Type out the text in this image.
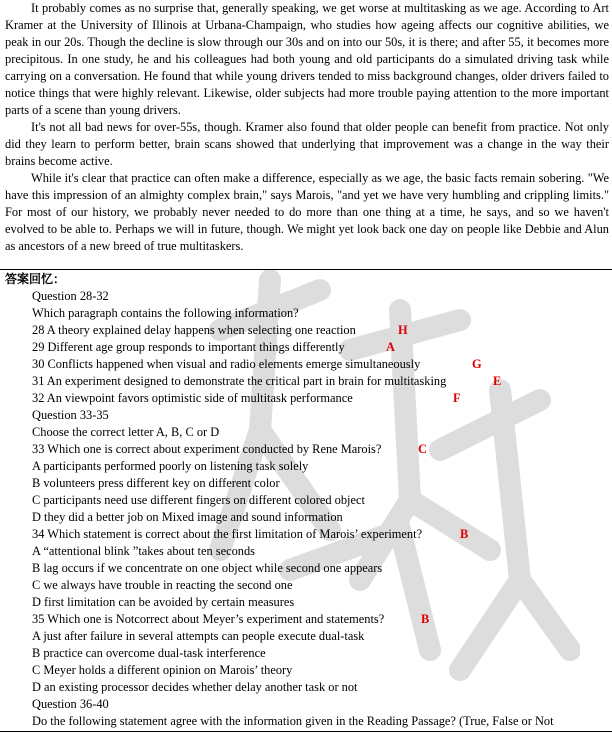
It probably comes as no surprise that, generally speaking, we get worse at multitasking as we age. According to Art Kramer at the University of Illinois at Urbana-Champaign, who studies how ageing affects our cognitive abilities, we peak in our 20s. Though the decline is slow through our 30s and on into our 50s, it is there; and after 55, it becomes more precipitous. In one study, he and his colleagues had both young and old participants do a simulated driving task while carrying on a conversation. He found that while young drivers tended to miss background changes, older drivers failed to notice things that were highly relevant. Likewise, older subjects had more trouble paying attention to the more important parts of a scene than young drivers.

It's not all bad news for over-55s, though. Kramer also found that older people can benefit from practice. Not only did they learn to perform better, brain scans showed that underlying that improvement was a change in the way their brains become active.

While it's clear that practice can often make a difference, especially as we age, the basic facts remain sobering. "We have this impression of an almighty complex brain," says Marois, "and yet we have very humbling and crippling limits." For most of our history, we probably never needed to do more than one thing at a time, he says, and so we haven't evolved to be able to. Perhaps we will in future, though. We might yet look back one day on people like Debbie and Alun as ancestors of a new breed of true multitaskers.

答案回忆：
Question 28-32
Which paragraph contains the following information?
28 A theory explained delay happens when selecting one reaction	H
29 Different age group responds to important things differently	A
30 Conflicts happened when visual and radio elements emerge simultaneously	G
31 An experiment designed to demonstrate the critical part in brain for multitasking	E
32 An viewpoint favors optimistic side of multitask performance	F
Question 33-35
Choose the correct letter A, B, C or D
33 Which one is correct about experiment conducted by Rene Marois?	C
A participants performed poorly on listening task solely
B volunteers press different key on different color
C participants need use different fingers on different colored object
D they did a better job on Mixed image and sound information
34 Which statement is correct about the first limitation of Marois’ experiment?	B
A “attentional blink ”takes about ten seconds
B lag occurs if we concentrate on one object while second one appears
C we always have trouble in reacting the second one
D first limitation can be avoided by certain measures
35 Which one is Notcorrect about Meyer’s experiment and statements?	B
A just after failure in several attempts can people execute dual-task
B practice can overcome dual-task interference
C Meyer holds a different opinion on Marois’ theory
D an existing processor decides whether delay another task or not
Question 36-40
Do the following statement agree with the information given in the Reading Passage? (True, False or Not
